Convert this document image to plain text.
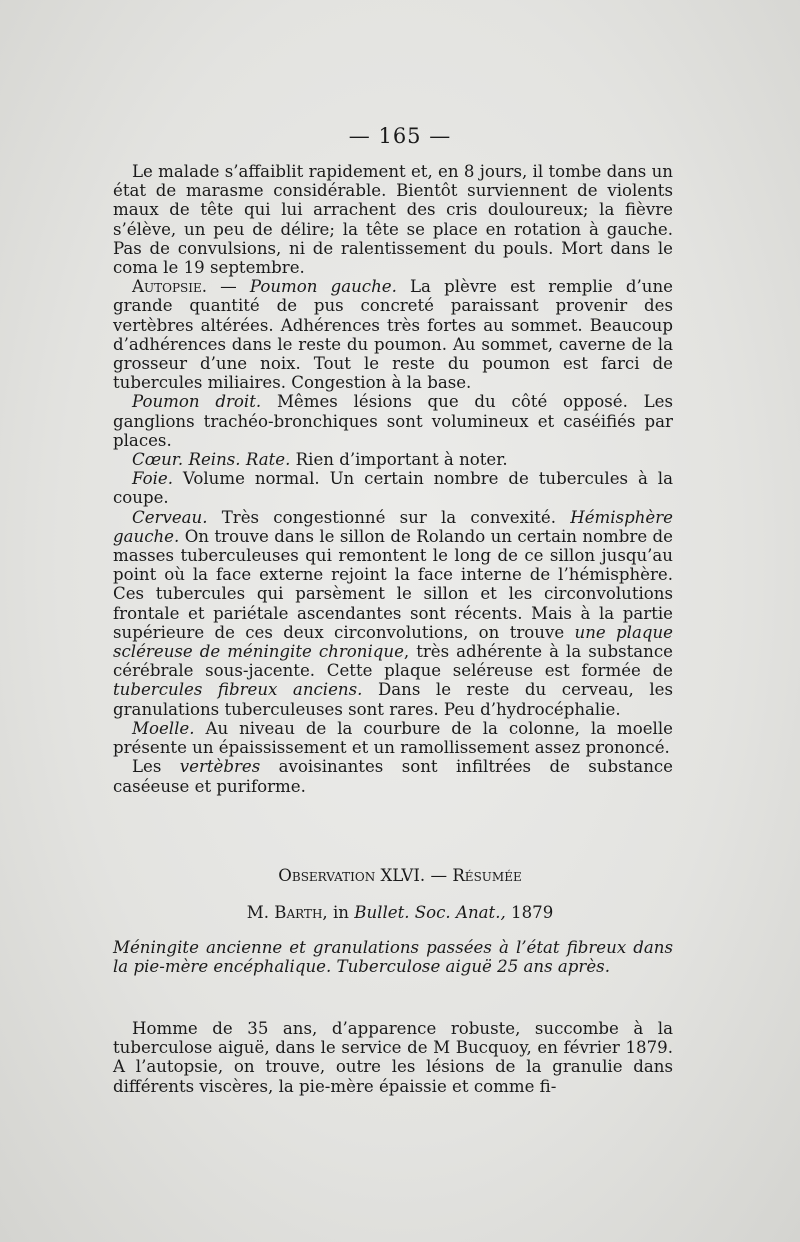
— 165 —

Le malade s’affaiblit rapidement et, en 8 jours, il tombe dans un état de marasme considérable. Bientôt surviennent de violents maux de tête qui lui arrachent des cris douloureux; la fièvre s’élève, un peu de délire; la tête se place en rotation à gauche. Pas de convulsions, ni de ralentissement du pouls. Mort dans le coma le 19 septembre.

Autopsie. — Poumon gauche. La plèvre est remplie d’une grande quantité de pus concreté paraissant provenir des vertèbres altérées. Adhérences très fortes au sommet. Beaucoup d’adhérences dans le reste du poumon. Au sommet, caverne de la grosseur d’une noix. Tout le reste du poumon est farci de tubercules miliaires. Congestion à la base.

Poumon droit. Mêmes lésions que du côté opposé. Les ganglions trachéo-bronchiques sont volumineux et caséifiés par places.

Cœur. Reins. Rate. Rien d’important à noter.

Foie. Volume normal. Un certain nombre de tubercules à la coupe.

Cerveau. Très congestionné sur la convexité. Hémisphère gauche. On trouve dans le sillon de Rolando un certain nombre de masses tuberculeuses qui remontent le long de ce sillon jusqu’au point où la face externe rejoint la face interne de l’hémisphère. Ces tubercules qui parsèment le sillon et les circonvolutions frontale et pariétale ascendantes sont récents. Mais à la partie supérieure de ces deux circonvolutions, on trouve une plaque scléreuse de méningite chronique, très adhérente à la substance cérébrale sous-jacente. Cette plaque seléreuse est formée de tubercules fibreux anciens. Dans le reste du cerveau, les granulations tuberculeuses sont rares. Peu d’hydrocéphalie.

Moelle. Au niveau de la courbure de la colonne, la moelle présente un épaississement et un ramollissement assez prononcé.

Les vertèbres avoisinantes sont infiltrées de substance caséeuse et puriforme.

Observation XLVI. — Résumée
M. Barth, in Bullet. Soc. Anat., 1879

Méningite ancienne et granulations passées à l’état fibreux dans la pie-mère encéphalique. Tuberculose aiguë 25 ans après.

Homme de 35 ans, d’apparence robuste, succombe à la tuberculose aiguë, dans le service de M Bucquoy, en février 1879. A l’autopsie, on trouve, outre les lésions de la granulie dans différents viscères, la pie-mère épaissie et comme fi-
